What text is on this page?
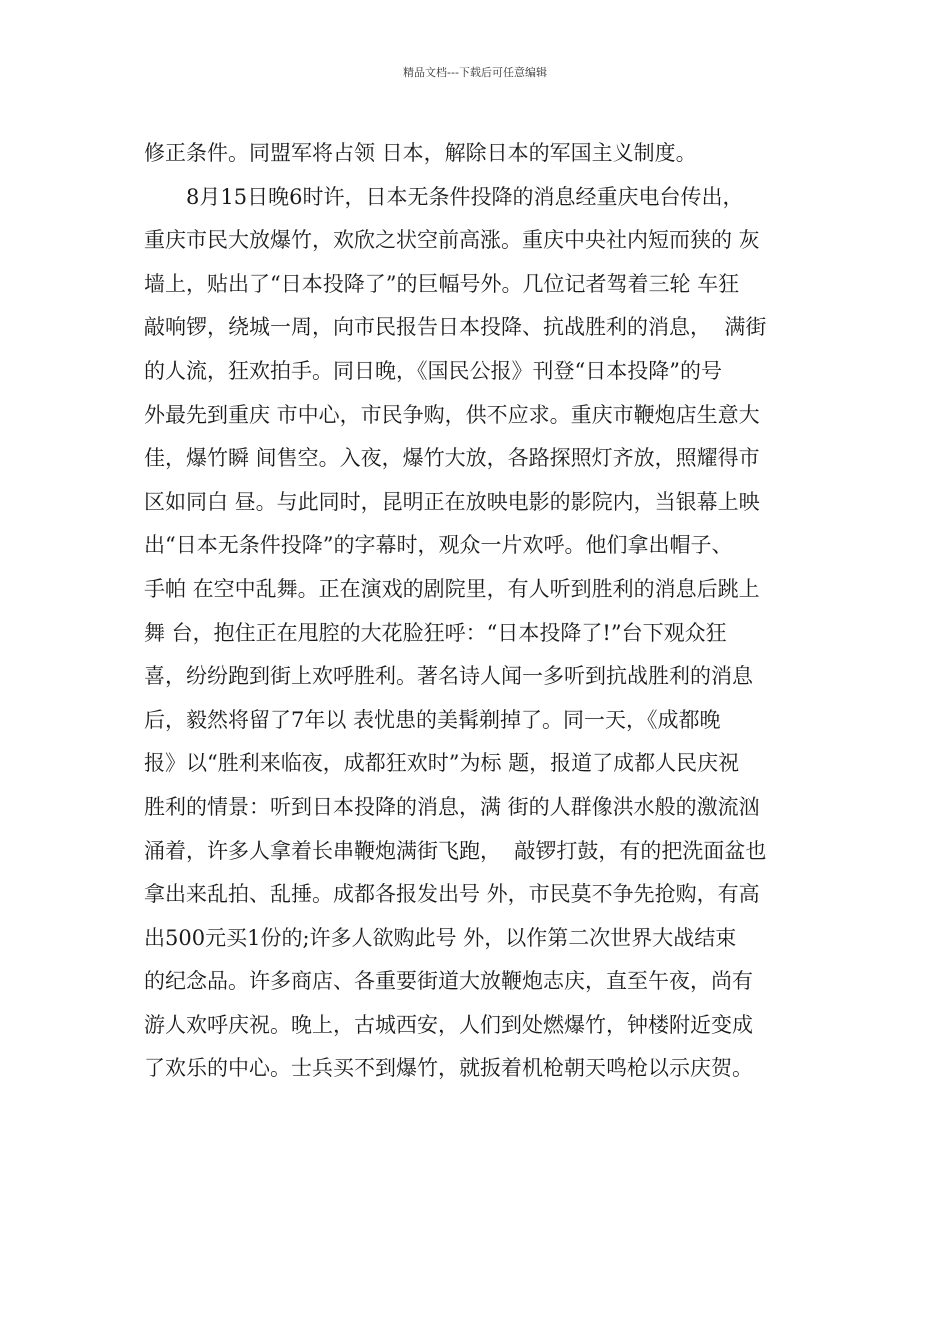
精品文档---下载后可任意编辑
修正条件。同盟军将占领 日本，解除日本的军国主义制度。
8月15日晚6时许，日本无条件投降的消息经重庆电台传出，
重庆市民大放爆竹，欢欣之状空前高涨。重庆中央社内短而狭的 灰
墙上，贴出了“日本投降了”的巨幅号外。几位记者驾着三轮 车狂
敲响锣，绕城一周，向市民报告日本投降、抗战胜利的消息，  满街
的人流，狂欢拍手。同日晚，《国民公报》刊登“日本投降”的号
外最先到重庆 市中心，市民争购，供不应求。重庆市鞭炮店生意大
佳，爆竹瞬 间售空。入夜，爆竹大放，各路探照灯齐放，照耀得市
区如同白 昼。与此同时，昆明正在放映电影的影院内，当银幕上映
出“日本无条件投降”的字幕时，观众一片欢呼。他们拿出帽子、
手帕 在空中乱舞。正在演戏的剧院里，有人听到胜利的消息后跳上
舞 台，抱住正在甩腔的大花脸狂呼：“日本投降了!”台下观众狂
喜，纷纷跑到街上欢呼胜利。著名诗人闻一多听到抗战胜利的消息
后，毅然将留了7年以 表忧患的美髯剃掉了。同一天，《成都晚
报》以“胜利来临夜，成都狂欢时”为标 题，报道了成都人民庆祝
胜利的情景：听到日本投降的消息，满 街的人群像洪水般的激流汹
涌着，许多人拿着长串鞭炮满街飞跑，  敲锣打鼓，有的把洗面盆也
拿出来乱拍、乱捶。成都各报发出号 外，市民莫不争先抢购，有高
出500元买1份的;许多人欲购此号 外，以作第二次世界大战结束
的纪念品。许多商店、各重要街道大放鞭炮志庆，直至午夜，尚有
游人欢呼庆祝。晚上，古城西安，人们到处燃爆竹，钟楼附近变成
了欢乐的中心。士兵买不到爆竹，就扳着机枪朝天鸣枪以示庆贺。
